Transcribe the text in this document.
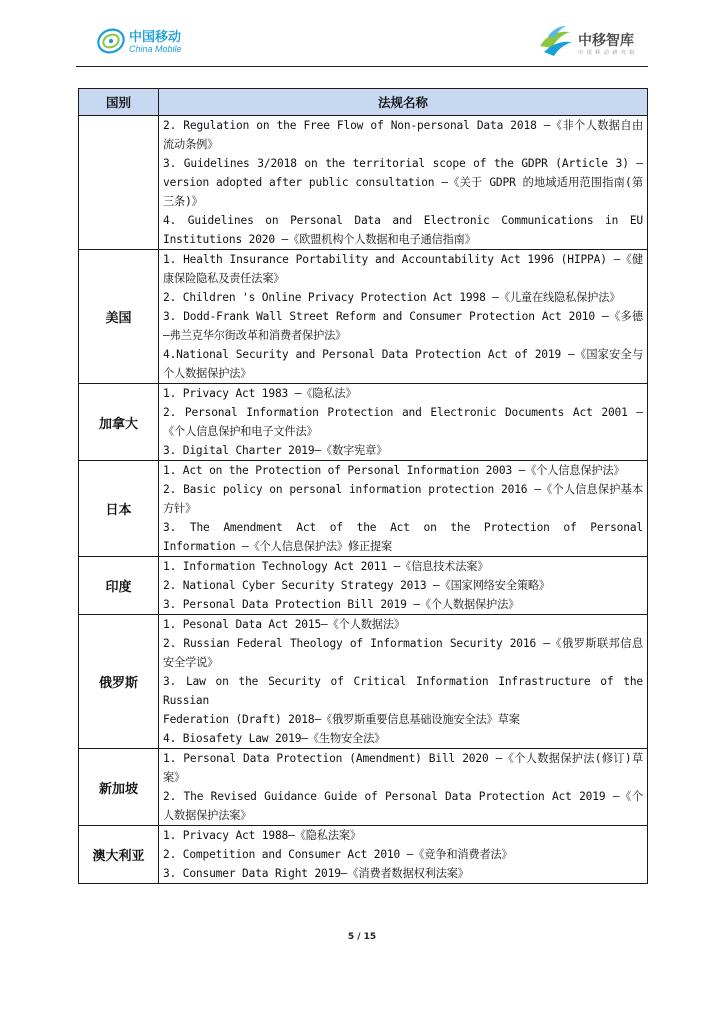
中国移动
China Mobile	中移智库
中 国 移 动 研 究 院
国别	法规名称

	2. Regulation on the Free Flow of Non-personal Data 2018 —《非个人数据自由流动条例》
3. Guidelines 3/2018 on the territorial scope of the GDPR (Article 3) – version adopted after public consultation —《关于 GDPR 的地域适用范围指南(第三条)》
4. Guidelines on Personal Data and Electronic Communications in EU Institutions 2020 —《欧盟机构个人数据和电子通信指南》

美国	1. Health Insurance Portability and Accountability Act 1996 (HIPPA) —《健康保险隐私及责任法案》
2. Children 's Online Privacy Protection Act 1998 —《儿童在线隐私保护法》
3. Dodd-Frank Wall Street Reform and Consumer Protection Act 2010 —《多德—弗兰克华尔街改革和消费者保护法》
4.National Security and Personal Data Protection Act of 2019 —《国家安全与个人数据保护法》

加拿大	1. Privacy Act 1983 —《隐私法》
2. Personal Information Protection and Electronic Documents Act 2001 —《个人信息保护和电子文件法》
3. Digital Charter 2019—《数字宪章》

日本	1. Act on the Protection of Personal Information 2003 —《个人信息保护法》
2. Basic policy on personal information protection 2016 —《个人信息保护基本方针》
3. The Amendment Act of the Act on the Protection of Personal Information —《个人信息保护法》修正提案

印度	1. Information Technology Act 2011 —《信息技术法案》
2. National Cyber Security Strategy 2013 —《国家网络安全策略》
3. Personal Data Protection Bill 2019 —《个人数据保护法》

俄罗斯	1. Pesonal Data Act 2015—《个人数据法》
2. Russian Federal Theology of Information Security 2016 —《俄罗斯联邦信息安全学说》
3. Law on the Security of Critical Information Infrastructure of the Russian
Federation (Draft) 2018—《俄罗斯重要信息基础设施安全法》草案
4. Biosafety Law 2019—《生物安全法》

新加坡	1. Personal Data Protection (Amendment) Bill 2020 —《个人数据保护法(修订)草案》
2. The Revised Guidance Guide of Personal Data Protection Act 2019 —《个人数据保护法案》

澳大利亚	1. Privacy Act 1988—《隐私法案》
2. Competition and Consumer Act 2010 —《竞争和消费者法》
3. Consumer Data Right 2019—《消费者数据权利法案》
5 / 15
